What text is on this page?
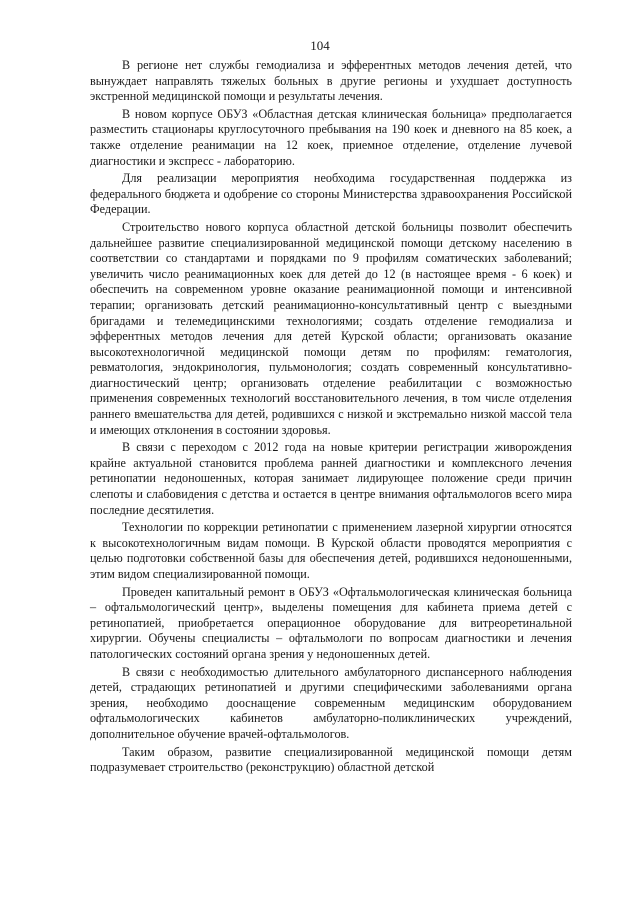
104

В регионе нет службы гемодиализа и эфферентных методов лечения детей, что вынуждает направлять тяжелых больных в другие регионы и ухудшает доступность экстренной медицинской помощи и результаты лечения.

В новом корпусе ОБУЗ «Областная детская клиническая больница» предполагается разместить стационары круглосуточного пребывания на 190 коек и дневного на 85 коек, а также отделение реанимации на 12 коек, приемное отделение, отделение лучевой диагностики и экспресс - лабораторию.

Для реализации мероприятия необходима государственная поддержка из федерального бюджета и одобрение со стороны Министерства здравоохранения Российской Федерации.

Строительство нового корпуса областной детской больницы позволит обеспечить дальнейшее развитие специализированной медицинской помощи детскому населению в соответствии со стандартами и порядками по 9 профилям соматических заболеваний; увеличить число реанимационных коек для детей до 12 (в настоящее время - 6 коек) и обеспечить на современном уровне оказание реанимационной помощи и интенсивной терапии; организовать детский реанимационно-консультативный центр с выездными бригадами и телемедицинскими технологиями; создать отделение гемодиализа и эфферентных методов лечения для детей Курской области; организовать оказание высокотехнологичной медицинской помощи детям по профилям: гематология, ревматология, эндокринология, пульмонология; создать современный консультативно-диагностический центр; организовать отделение реабилитации с возможностью применения современных технологий восстановительного лечения, в том числе отделения раннего вмешательства для детей, родившихся с низкой и экстремально низкой массой тела и имеющих отклонения в состоянии здоровья.

В связи с переходом с 2012 года на новые критерии регистрации живорождения крайне актуальной становится проблема ранней диагностики и комплексного лечения ретинопатии недоношенных, которая занимает лидирующее положение среди причин слепоты и слабовидения с детства и остается в центре внимания офтальмологов всего мира последние десятилетия.

Технологии по коррекции ретинопатии с применением лазерной хирургии относятся к высокотехнологичным видам помощи. В Курской области проводятся мероприятия с целью подготовки собственной базы для обеспечения детей, родившихся недоношенными, этим видом специализированной помощи.

Проведен капитальный ремонт в ОБУЗ «Офтальмологическая клиническая больница – офтальмологический центр», выделены помещения для кабинета приема детей с ретинопатией, приобретается операционное оборудование для витреоретинальной хирургии. Обучены специалисты – офтальмологи по вопросам диагностики и лечения патологических состояний органа зрения у недоношенных детей.

В связи с необходимостью длительного амбулаторного диспансерного наблюдения детей, страдающих ретинопатией и другими специфическими заболеваниями органа зрения, необходимо дооснащение современным медицинским оборудованием офтальмологических кабинетов амбулаторно-поликлинических учреждений, дополнительное обучение врачей-офтальмологов.

Таким образом, развитие специализированной медицинской помощи детям подразумевает строительство (реконструкцию) областной детской
